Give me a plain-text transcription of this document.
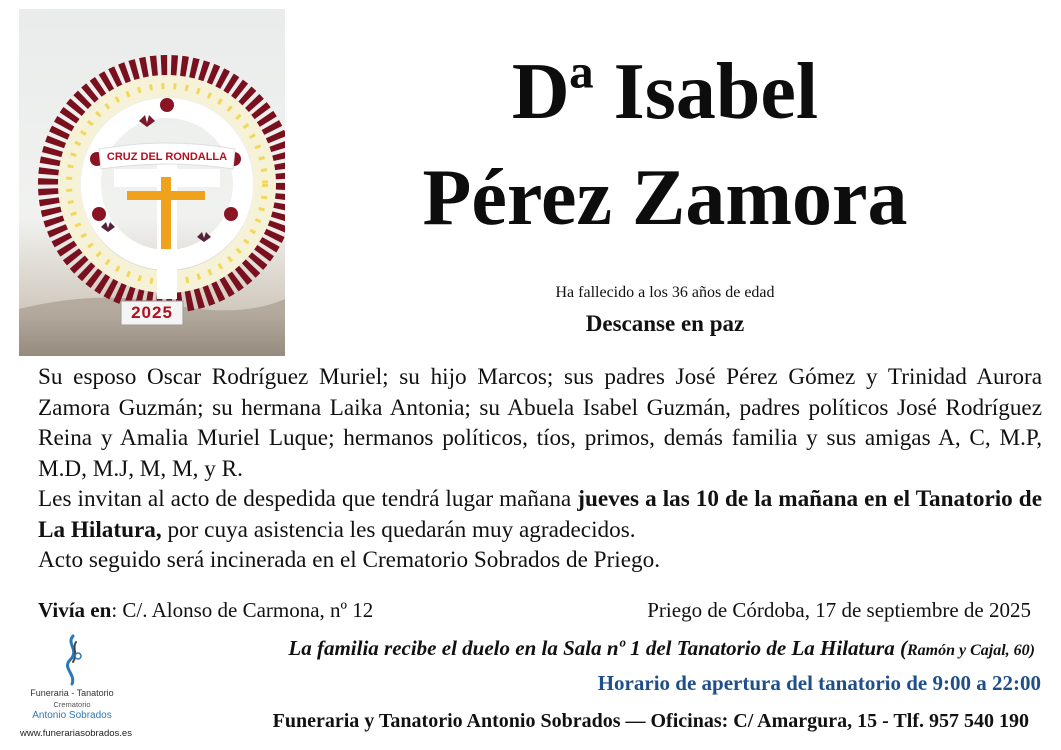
CRUZ DEL RONDALLA
2025
Dª Isabel
Pérez Zamora
Ha fallecido a los 36 años de edad
Descanse en paz

Su esposo Oscar Rodríguez Muriel; su hijo Marcos; sus padres José Pérez Gómez y Trinidad Aurora Zamora Guzmán; su hermana Laika Antonia; su Abuela Isabel Guzmán, padres políticos José Rodríguez Reina y Amalia Muriel Luque; hermanos políticos, tíos, primos, demás familia y sus amigas A, C, M.P, M.D, M.J, M, M, y R.

Les invitan al acto de despedida que tendrá lugar mañana jueves a las 10 de la mañana en el Tanatorio de La Hilatura, por cuya asistencia les quedarán muy agradecidos.

Acto seguido será incinerada en el Crematorio Sobrados de Priego.

Vivía en: C/. Alonso de Carmona, nº 12	Priego de Córdoba, 17 de septiembre de 2025
La familia recibe el duelo en la Sala nº 1 del Tanatorio de La Hilatura (Ramón y Cajal, 60)
Horario de apertura del tanatorio de 9:00 a 22:00
Funeraria y Tanatorio Antonio Sobrados — Oficinas: C/ Amargura, 15 - Tlf. 957 540 190
Funeraria - Tanatorio
Crematorio
Antonio Sobrados
www.funerariasobrados.es
